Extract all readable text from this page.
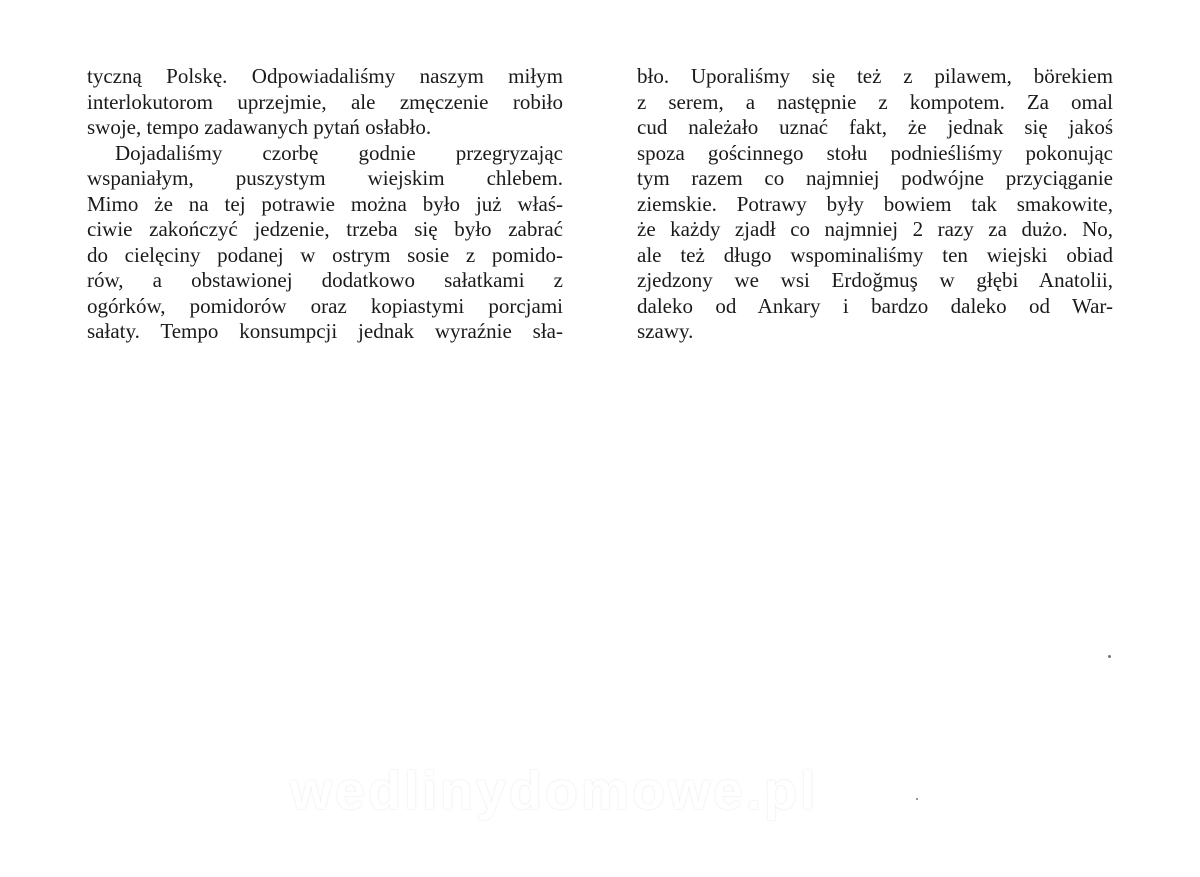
tyczną Polskę. Odpowiadaliśmy naszym miłym
interlokutorom uprzejmie, ale zmęczenie robiło
swoje, tempo zadawanych pytań osłabło.
Dojadaliśmy czorbę godnie przegryzając
wspaniałym, puszystym wiejskim chlebem.
Mimo że na tej potrawie można było już właś-
ciwie zakończyć jedzenie, trzeba się było zabrać
do cielęciny podanej w ostrym sosie z pomido-
rów, a obstawionej dodatkowo sałatkami z
ogórków, pomidorów oraz kopiastymi porcjami
sałaty. Tempo konsumpcji jednak wyraźnie sła-
bło. Uporaliśmy się też z pilawem, börekiem
z serem, a następnie z kompotem. Za omal
cud należało uznać fakt, że jednak się jakoś
spoza gościnnego stołu podnieśliśmy pokonując
tym razem co najmniej podwójne przyciąganie
ziemskie. Potrawy były bowiem tak smakowite,
że każdy zjadł co najmniej 2 razy za dużo. No,
ale też długo wspominaliśmy ten wiejski obiad
zjedzony we wsi Erdoğmuş w głębi Anatolii,
daleko od Ankary i bardzo daleko od War-
szawy.
wedlinydomowe.pl
